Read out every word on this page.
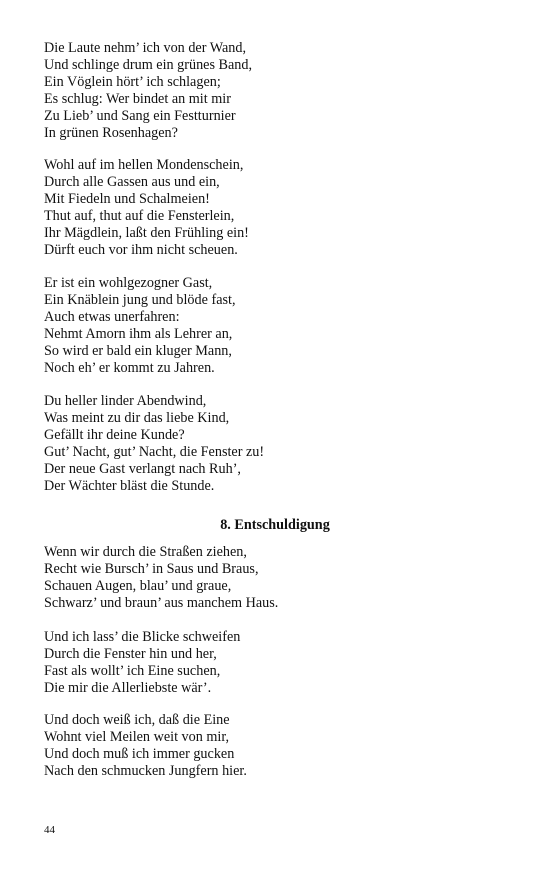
Die Laute nehm’ ich von der Wand,
Und schlinge drum ein grünes Band,
Ein Vöglein hört’ ich schlagen;
Es schlug: Wer bindet an mit mir
Zu Lieb’ und Sang ein Festturnier
In grünen Rosenhagen?
Wohl auf im hellen Mondenschein,
Durch alle Gassen aus und ein,
Mit Fiedeln und Schalmeien!
Thut auf, thut auf die Fensterlein,
Ihr Mägdlein, laßt den Frühling ein!
Dürft euch vor ihm nicht scheuen.
Er ist ein wohlgezogner Gast,
Ein Knäblein jung und blöde fast,
Auch etwas unerfahren:
Nehmt Amorn ihm als Lehrer an,
So wird er bald ein kluger Mann,
Noch eh’ er kommt zu Jahren.
Du heller linder Abendwind,
Was meint zu dir das liebe Kind,
Gefällt ihr deine Kunde?
Gut’ Nacht, gut’ Nacht, die Fenster zu!
Der neue Gast verlangt nach Ruh’,
Der Wächter bläst die Stunde.
8. Entschuldigung
Wenn wir durch die Straßen ziehen,
Recht wie Bursch’ in Saus und Braus,
Schauen Augen, blau’ und graue,
Schwarz’ und braun’ aus manchem Haus.
Und ich lass’ die Blicke schweifen
Durch die Fenster hin und her,
Fast als wollt’ ich Eine suchen,
Die mir die Allerliebste wär’.
Und doch weiß ich, daß die Eine
Wohnt viel Meilen weit von mir,
Und doch muß ich immer gucken
Nach den schmucken Jungfern hier.
44
